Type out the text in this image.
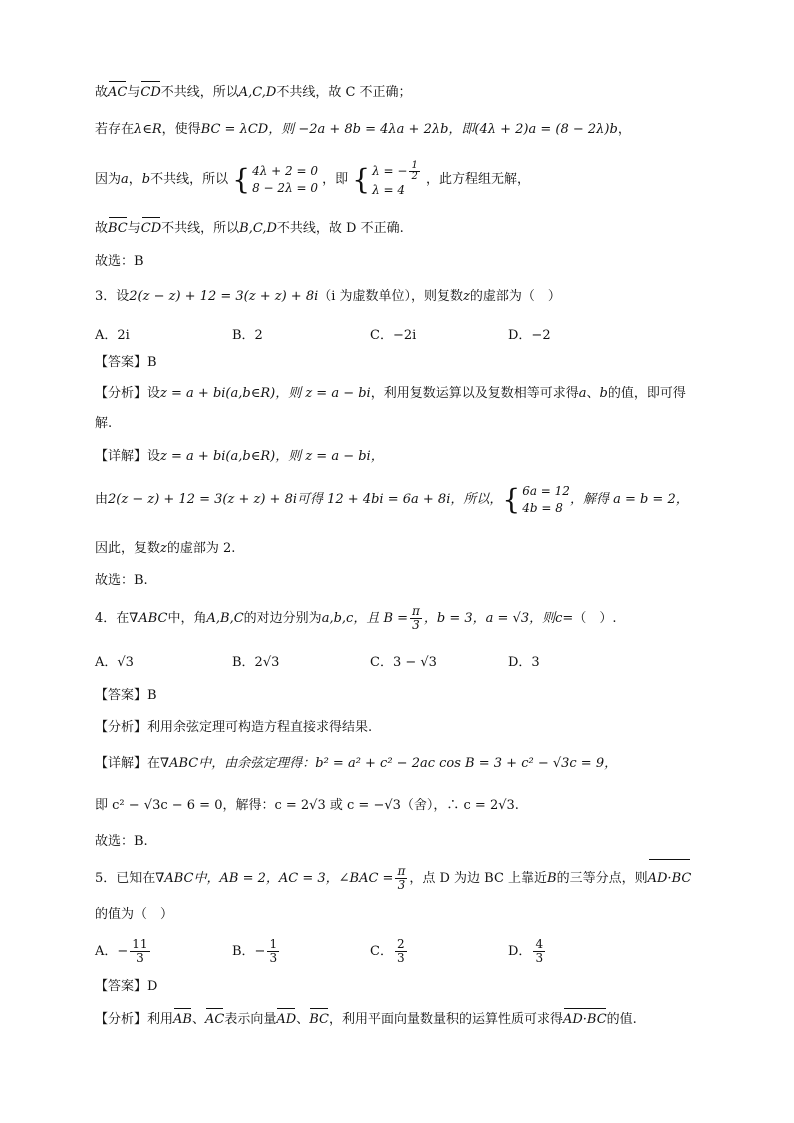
故AC与CD不共线，所以A,C,D不共线，故 C 不正确；
若存在λ∈R，使得BC = λCD，则 −2a + 8b = 4λa + 2λb，即(4λ + 2)a = (8 − 2λ)b，
因为a，b不共线，所以 { 4λ + 2 = 0
8 − 2λ = 0
，即 { λ = − $\frac{1}{2}$
λ = 4
，此方程组无解，
故BC与CD不共线，所以B,C,D不共线，故 D 不正确.
故选：B
3．设2(z − z) + 12 = 3(z + z) + 8i（i 为虚数单位），则复数z的虚部为（　）
A．2i	B．2	C．−2i	D．−2
【答案】B
【分析】设z = a + bi(a,b∈R)，则 z = a − bi，利用复数运算以及复数相等可求得a、b的值，即可得
解.
【详解】设z = a + bi(a,b∈R)，则 z = a − bi，
由2(z − z) + 12 = 3(z + z) + 8i可得 12 + 4bi = 6a + 8i，所以，{ 6a = 12
4b = 8
，解得 a = b = 2，
因此，复数z的虚部为 2.
故选：B.
4．在∇ABC中，角A,B,C的对边分别为a,b,c，且 $B = \frac{\pi}{3}$ ，b = 3，a = √3，则c=（　）.
A．√3	B．2√3	C．3 − √3	D．3
【答案】B
【分析】利用余弦定理可构造方程直接求得结果.
【详解】在∇ABC中，由余弦定理得：b² = a² + c² − 2ac cos B = 3 + c² − √3c = 9，
即 c² − √3c − 6 = 0，解得：c = 2√3 或 c = −√3（舍），∴ c = 2√3.
故选：B.
5．已知在∇ABC中，AB = 2，AC = 3，∠BAC = $\frac{\pi}{3}$ ，点 D 为边 BC 上靠近B的三等分点，则AD·BC
的值为（　）
A．− $\frac{11}{3}$	B．− $\frac{1}{3}$	C． $\frac{2}{3}$	D． $\frac{4}{3}$
【答案】D
【分析】利用AB、AC表示向量AD、BC，利用平面向量数量积的运算性质可求得AD·BC的值.
